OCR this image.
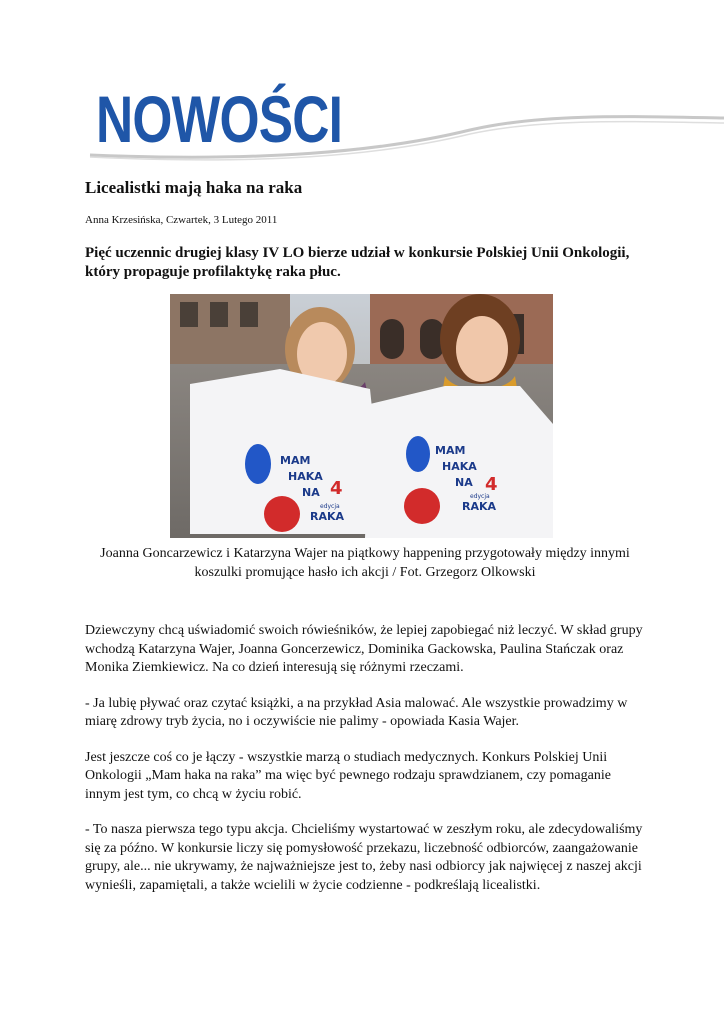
NOWOŚCI
Licealistki mają haka na raka

Anna Krzesińska, Czwartek, 3 Lutego 2011

Pięć uczennic drugiej klasy IV LO bierze udział w konkursie Polskiej Unii Onkologii, który propaguje profilaktykę raka płuc.

MAM
HAKA
NA
edycja
RAKA
4
MAM
HAKA
NA
edycja
RAKA
4

Joanna Goncarzewicz i Katarzyna Wajer na piątkowy happening przygotowały między innymi koszulki promujące hasło ich akcji / Fot. Grzegorz Olkowski

Dziewczyny chcą uświadomić swoich rówieśników, że lepiej zapobiegać niż leczyć. W skład grupy wchodzą Katarzyna Wajer, Joanna Goncerzewicz, Dominika Gackowska, Paulina Stańczak oraz Monika Ziemkiewicz. Na co dzień interesują się różnymi rzeczami.

- Ja lubię pływać oraz czytać książki, a na przykład Asia malować. Ale wszystkie prowadzimy w miarę zdrowy tryb życia, no i oczywiście nie palimy - opowiada Kasia Wajer.

Jest jeszcze coś co je łączy - wszystkie marzą o studiach medycznych. Konkurs Polskiej Unii Onkologii „Mam haka na raka” ma więc być pewnego rodzaju sprawdzianem, czy pomaganie innym jest tym, co chcą w życiu robić.

- To nasza pierwsza tego typu akcja. Chcieliśmy wystartować w zeszłym roku, ale zdecydowaliśmy się za późno. W konkursie liczy się pomysłowość przekazu, liczebność odbiorców, zaangażowanie grupy, ale... nie ukrywamy, że najważniejsze jest to, żeby nasi odbiorcy jak najwięcej z naszej akcji wynieśli, zapamiętali, a także wcielili w życie codzienne - podkreślają licealistki.
